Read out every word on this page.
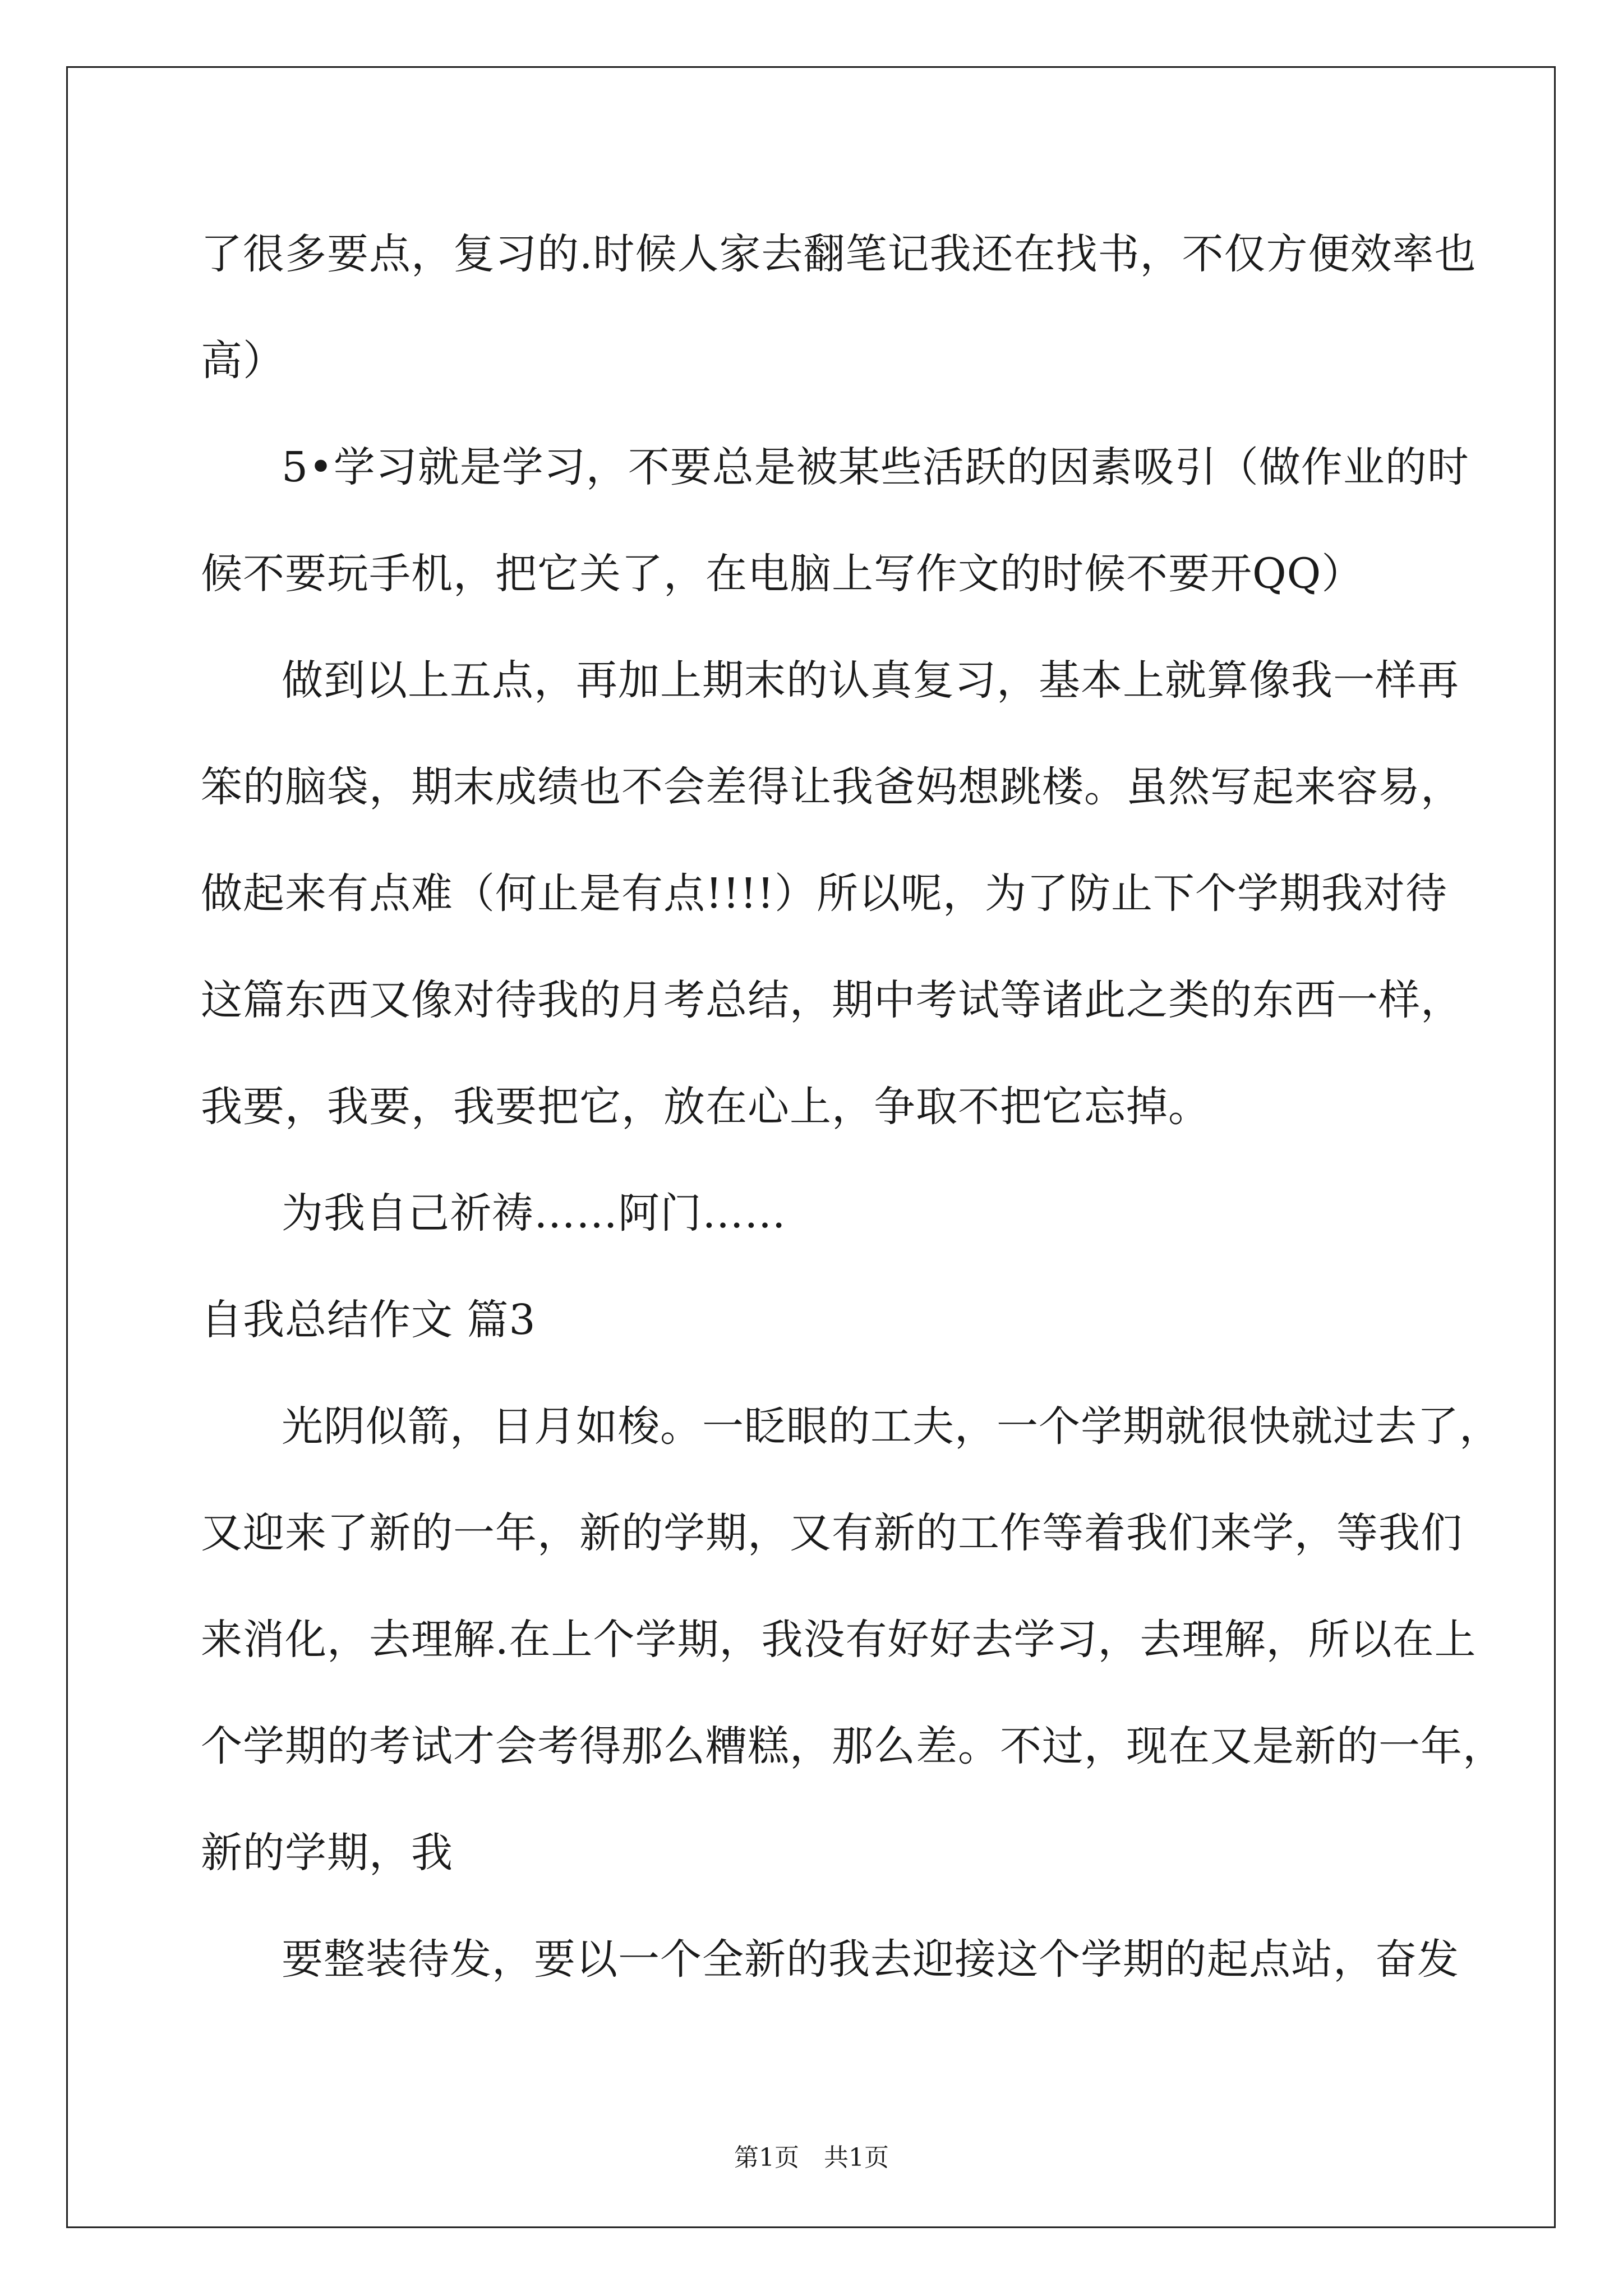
了很多要点，复习的.时候人家去翻笔记我还在找书，不仅方便效率也
高）
5•学习就是学习，不要总是被某些活跃的因素吸引（做作业的时
候不要玩手机，把它关了，在电脑上写作文的时候不要开QQ）
做到以上五点，再加上期末的认真复习，基本上就算像我一样再
笨的脑袋，期末成绩也不会差得让我爸妈想跳楼。虽然写起来容易，
做起来有点难（何止是有点!!!!）所以呢，为了防止下个学期我对待
这篇东西又像对待我的月考总结，期中考试等诸此之类的东西一样，
我要，我要，我要把它，放在心上，争取不把它忘掉。
为我自己祈祷……阿门……
自我总结作文 篇3
光阴似箭，日月如梭。一眨眼的工夫，一个学期就很快就过去了，
又迎来了新的一年，新的学期，又有新的工作等着我们来学，等我们
来消化，去理解.在上个学期，我没有好好去学习，去理解，所以在上
个学期的考试才会考得那么糟糕，那么差。不过，现在又是新的一年，
新的学期，我
要整装待发，要以一个全新的我去迎接这个学期的起点站，奋发
第1页　共1页
